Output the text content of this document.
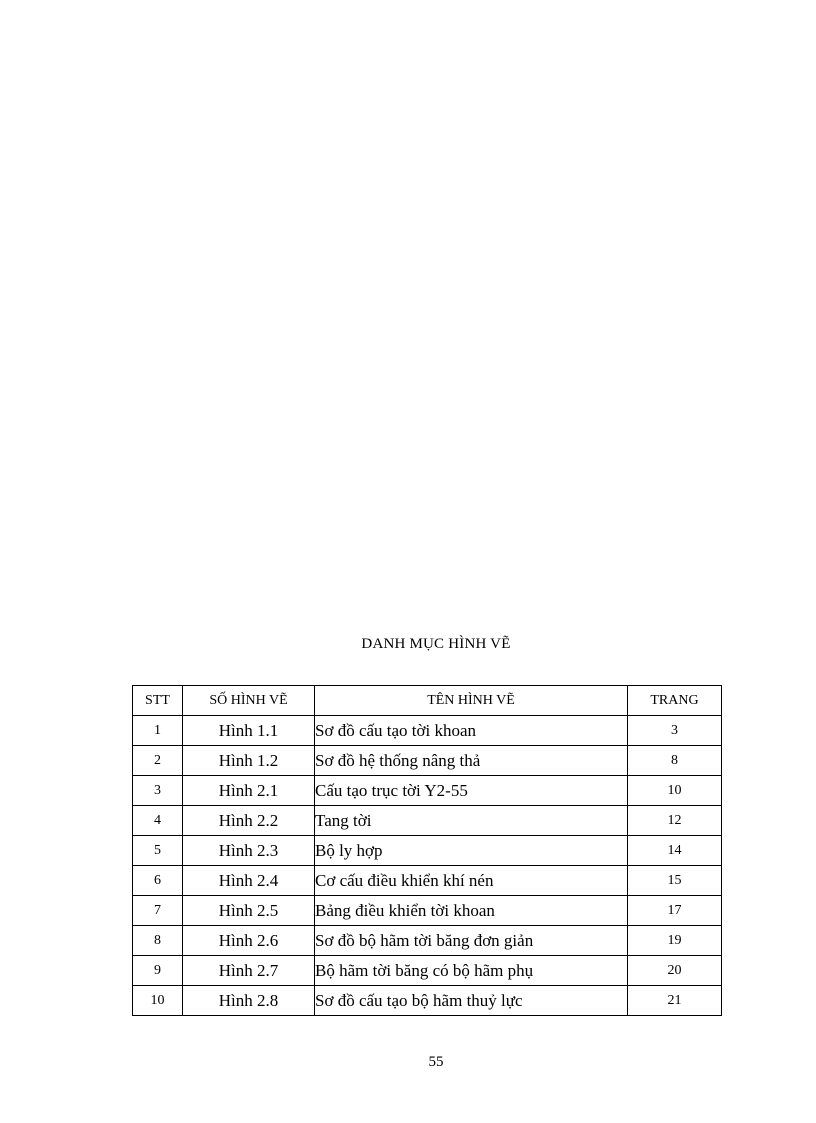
DANH MỤC HÌNH VẼ
STT	SỐ HÌNH VẼ	TÊN HÌNH VẼ	TRANG
1	Hình 1.1	Sơ đồ cấu tạo tời khoan	3
2	Hình 1.2	Sơ đồ hệ thống nâng thả	8
3	Hình 2.1	Cấu tạo trục tời Y2-55	10
4	Hình 2.2	Tang tời	12
5	Hình 2.3	Bộ ly hợp	14
6	Hình 2.4	Cơ cấu điều khiển khí nén	15
7	Hình 2.5	Bảng điều khiển tời khoan	17
8	Hình 2.6	Sơ đồ bộ hãm tời băng đơn giản	19
9	Hình 2.7	Bộ hãm tời băng có bộ hãm phụ	20
10	Hình 2.8	Sơ đồ cấu tạo bộ hãm thuỷ lực	21
55
